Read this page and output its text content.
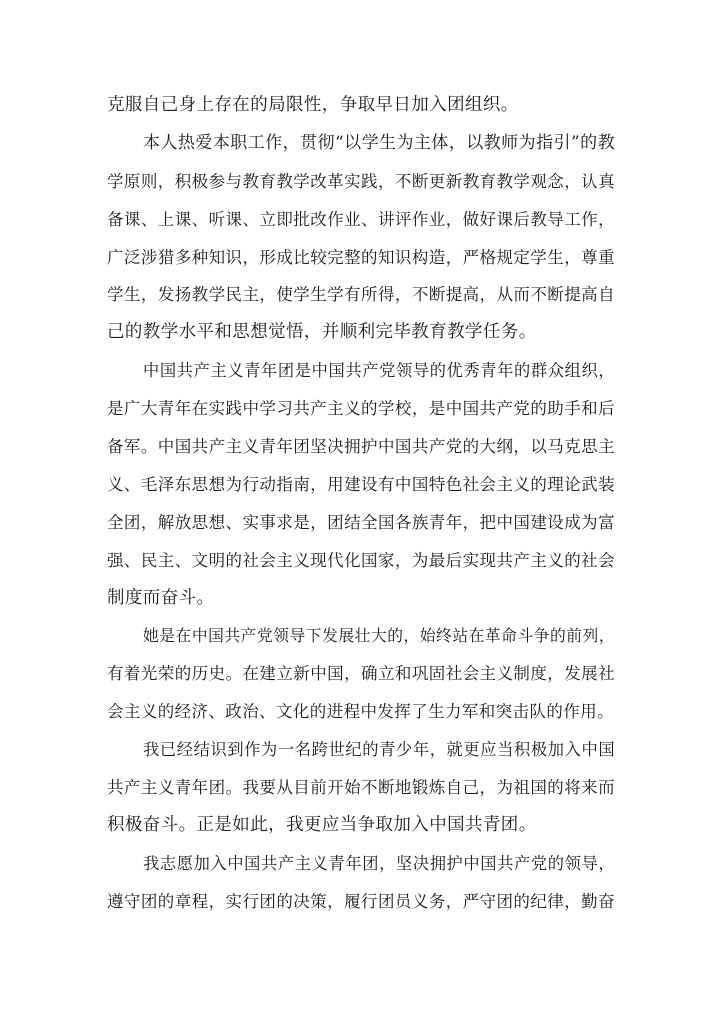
克服自己身上存在的局限性，争取早日加入团组织。
本人热爱本职工作，贯彻“以学生为主体，以教师为指引”的教
学原则，积极参与教育教学改革实践，不断更新教育教学观念，认真
备课、上课、听课、立即批改作业、讲评作业，做好课后教导工作，
广泛涉猎多种知识，形成比较完整的知识构造，严格规定学生，尊重
学生，发扬教学民主，使学生学有所得，不断提高，从而不断提高自
己的教学水平和思想觉悟，并顺利完毕教育教学任务。
中国共产主义青年团是中国共产党领导的优秀青年的群众组织，
是广大青年在实践中学习共产主义的学校，是中国共产党的助手和后
备军。中国共产主义青年团坚决拥护中国共产党的大纲，以马克思主
义、毛泽东思想为行动指南，用建设有中国特色社会主义的理论武装
全团，解放思想、实事求是，团结全国各族青年，把中国建设成为富
强、民主、文明的社会主义现代化国家，为最后实现共产主义的社会
制度而奋斗。
她是在中国共产党领导下发展壮大的，始终站在革命斗争的前列，
有着光荣的历史。在建立新中国，确立和巩固社会主义制度，发展社
会主义的经济、政治、文化的进程中发挥了生力军和突击队的作用。
我已经结识到作为一名跨世纪的青少年，就更应当积极加入中国
共产主义青年团。我要从目前开始不断地锻炼自己，为祖国的将来而
积极奋斗。正是如此，我更应当争取加入中国共青团。
我志愿加入中国共产主义青年团，坚决拥护中国共产党的领导，
遵守团的章程，实行团的决策，履行团员义务，严守团的纪律，勤奋
